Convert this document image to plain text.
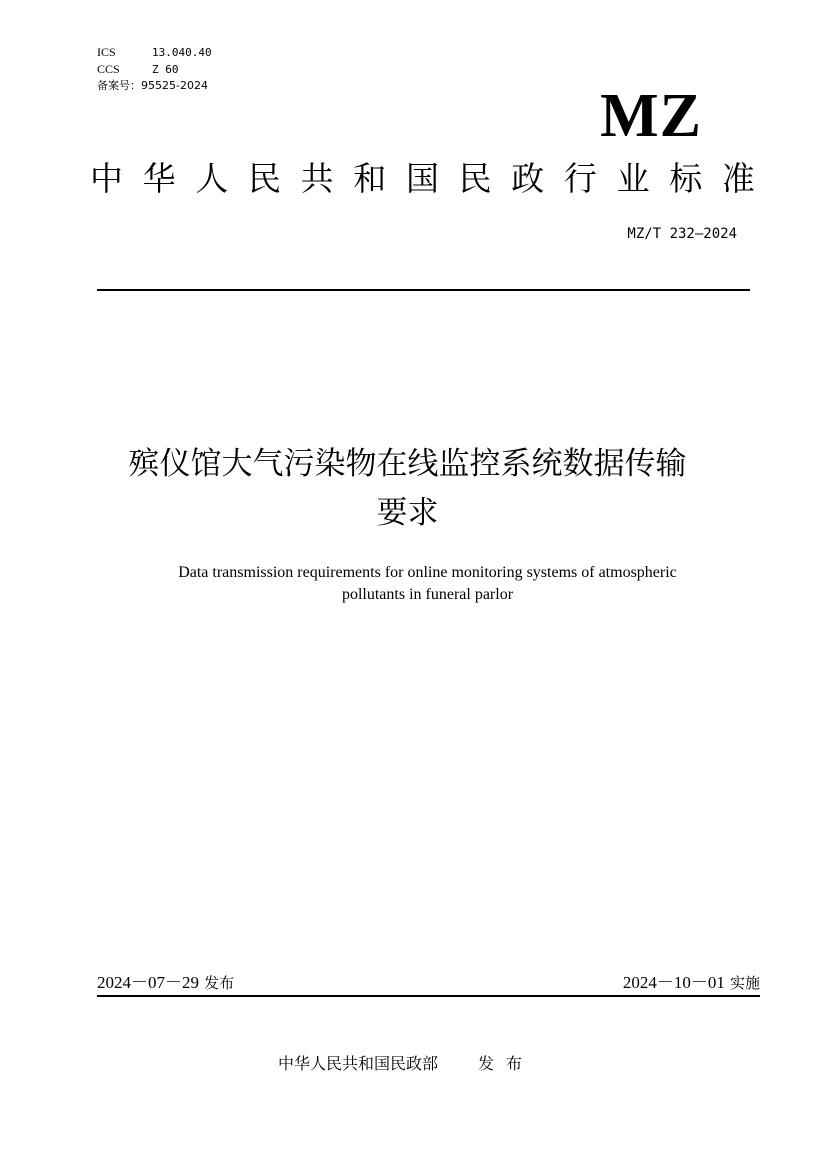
ICS	13.040.40
CCS	Z 60
备案号：95525-2024	MZ
中 华 人 民 共 和 国 民 政 行 业 标 准
MZ/T 232—2024
殡仪馆大气污染物在线监控系统数据传输
要求
Data transmission requirements for online monitoring systems of atmospheric
pollutants in funeral parlor
2024－07－29 发布	2024－10－01 实施
中华人民共和国民政部	发布
